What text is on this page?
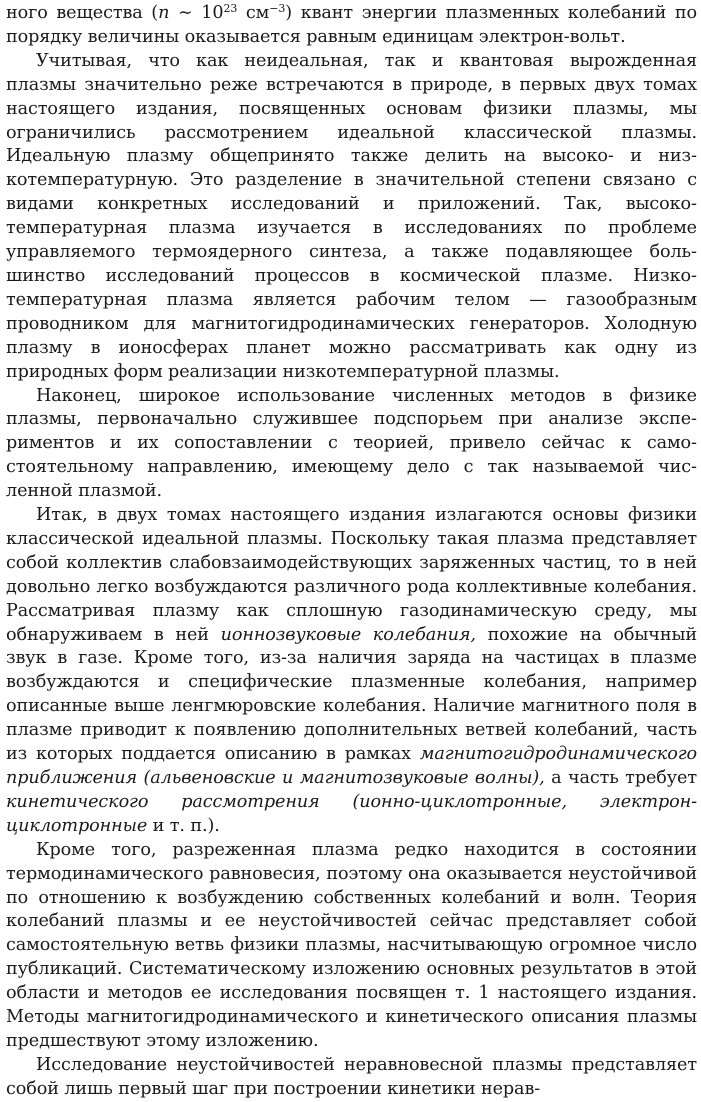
ного вещества (n ∼ $10^{23}$ $см^{-3}$) квант энергии плазменных колебаний по порядку величины оказывается равным единицам электрон-вольт.

Учитывая, что как неидеальная, так и квантовая вырожденная плазмы значительно реже встречаются в природе, в первых двух томах настоящего издания, посвященных основам физики плазмы, мы ограничились рассмотрением идеальной классической плазмы. Идеальную плазму общепринято также делить на высоко- и низкотемпературную. Это разделение в значительной степени связано с видами конкретных исследований и приложений. Так, высокотемпературная плазма изучается в исследованиях по проблеме управляемого термоядерного синтеза, а также подавляющее большинство исследований процессов в космической плазме. Низкотемпературная плазма является рабочим телом — газообразным проводником для магнитогидродинамических генераторов. Холодную плазму в ионосферах планет можно рассматривать как одну из природных форм реализации низкотемпературной плазмы.

Наконец, широкое использование численных методов в физике плазмы, первоначально служившее подспорьем при анализе экспериментов и их сопоставлении с теорией, привело сейчас к самостоятельному направлению, имеющему дело с так называемой численной плазмой.

Итак, в двух томах настоящего издания излагаются основы физики классической идеальной плазмы. Поскольку такая плазма представляет собой коллектив слабовзаимодействующих заряженных частиц, то в ней довольно легко возбуждаются различного рода коллективные колебания. Рассматривая плазму как сплошную газодинамическую среду, мы обнаруживаем в ней ионнозвуковые колебания, похожие на обычный звук в газе. Кроме того, из-за наличия заряда на частицах в плазме возбуждаются и специфические плазменные колебания, например описанные выше ленгмюровские колебания. Наличие магнитного поля в плазме приводит к появлению дополнительных ветвей колебаний, часть из которых поддается описанию в рамках магнитогидродинамического приближения (альвеновские и магнитозвуковые волны), а часть требует кинетического рассмотрения (ионно-циклотронные, электрон-циклотронные и т. п.).

Кроме того, разреженная плазма редко находится в состоянии термодинамического равновесия, поэтому она оказывается неустойчивой по отношению к возбуждению собственных колебаний и волн. Теория колебаний плазмы и ее неустойчивостей сейчас представляет собой самостоятельную ветвь физики плазмы, насчитывающую огромное число публикаций. Систематическому изложению основных результатов в этой области и методов ее исследования посвящен т. 1 настоящего издания. Методы магнитогидродинамического и кинетического описания плазмы предшествуют этому изложению.

Исследование неустойчивостей неравновесной плазмы представляет собой лишь первый шаг при построении кинетики нерав-
